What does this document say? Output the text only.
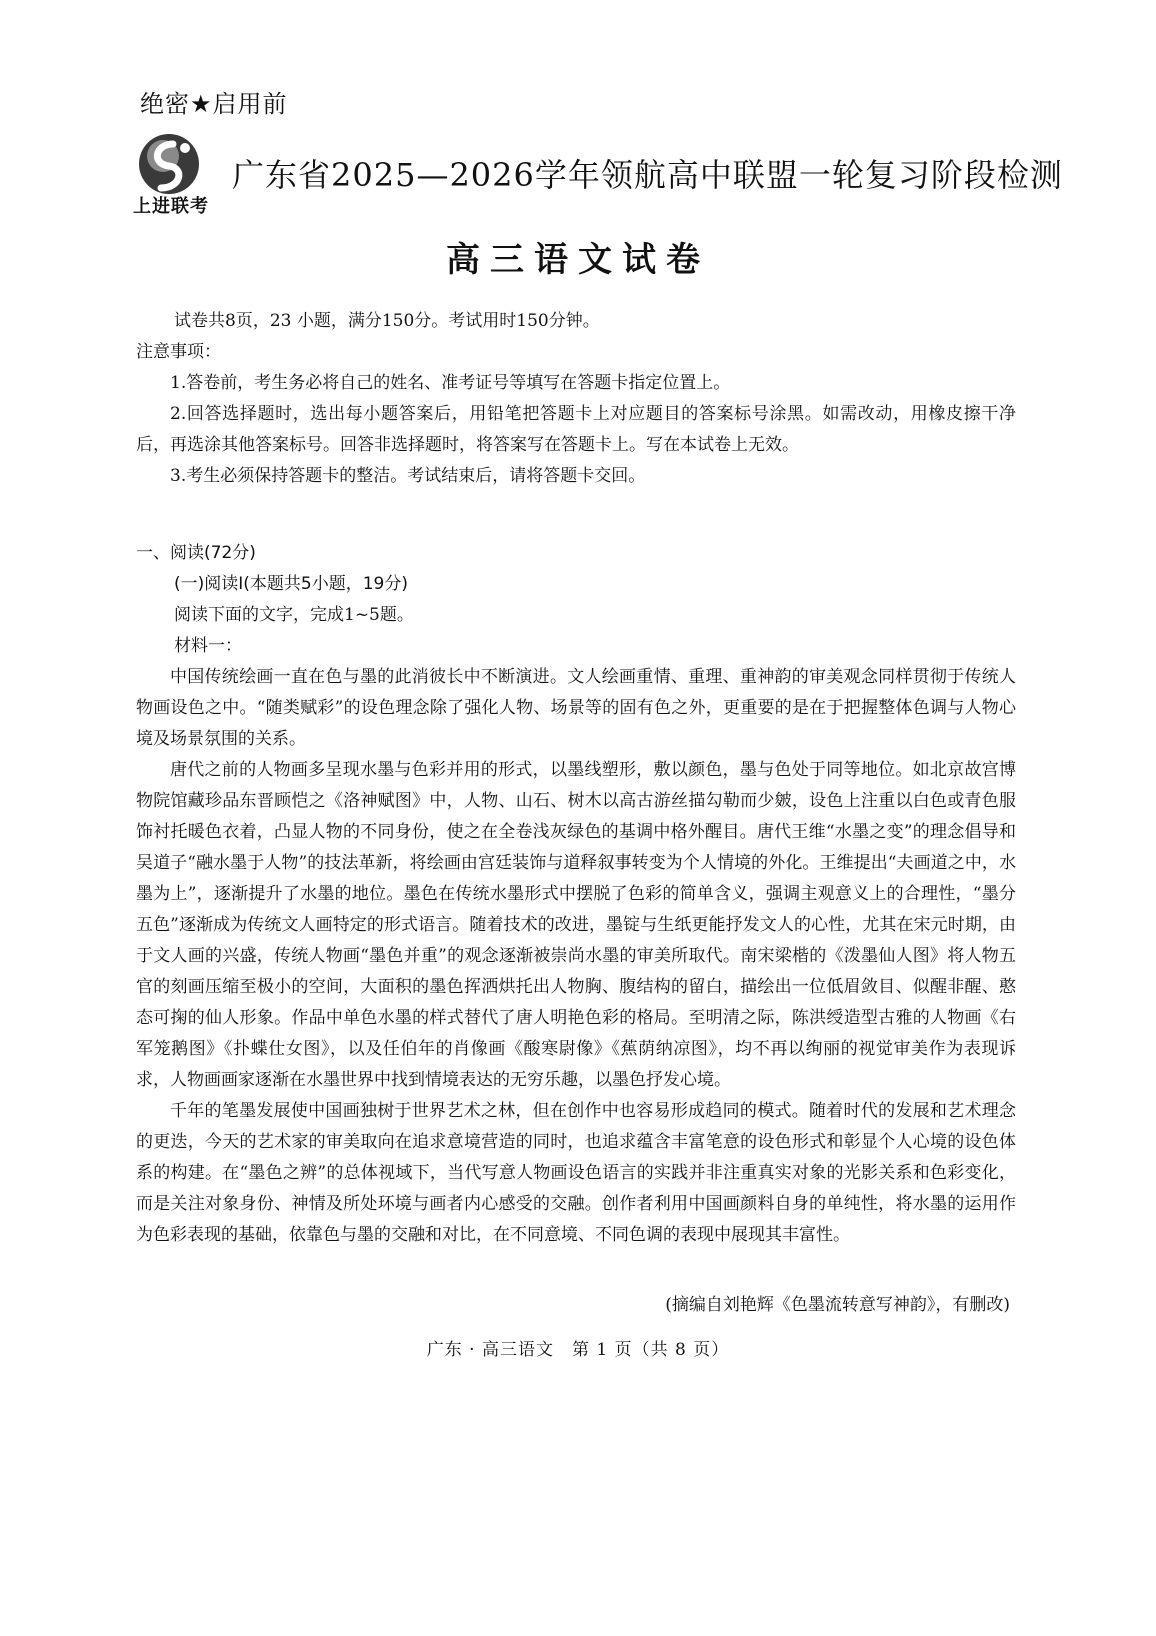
绝密★启用前
上进联考
广东省2025—2026学年领航高中联盟一轮复习阶段检测
高三语文试卷

试卷共8页，23 小题，满分150分。考试用时150分钟。

注意事项：

1.答卷前，考生务必将自己的姓名、准考证号等填写在答题卡指定位置上。

2.回答选择题时，选出每小题答案后，用铅笔把答题卡上对应题目的答案标号涂黑。如需改动，用橡皮擦干净后，再选涂其他答案标号。回答非选择题时，将答案写在答题卡上。写在本试卷上无效。

3.考生必须保持答题卡的整洁。考试结束后，请将答题卡交回。

一、阅读(72分)

(一)阅读Ⅰ(本题共5小题，19分)

阅读下面的文字，完成1~5题。

材料一：

中国传统绘画一直在色与墨的此消彼长中不断演进。文人绘画重情、重理、重神韵的审美观念同样贯彻于传统人物画设色之中。“随类赋彩”的设色理念除了强化人物、场景等的固有色之外，更重要的是在于把握整体色调与人物心境及场景氛围的关系。

唐代之前的人物画多呈现水墨与色彩并用的形式，以墨线塑形，敷以颜色，墨与色处于同等地位。如北京故宫博物院馆藏珍品东晋顾恺之《洛神赋图》中，人物、山石、树木以高古游丝描勾勒而少皴，设色上注重以白色或青色服饰衬托暖色衣着，凸显人物的不同身份，使之在全卷浅灰绿色的基调中格外醒目。唐代王维“水墨之变”的理念倡导和吴道子“融水墨于人物”的技法革新，将绘画由宫廷装饰与道释叙事转变为个人情境的外化。王维提出“夫画道之中，水墨为上”，逐渐提升了水墨的地位。墨色在传统水墨形式中摆脱了色彩的简单含义，强调主观意义上的合理性，“墨分五色”逐渐成为传统文人画特定的形式语言。随着技术的改进，墨锭与生纸更能抒发文人的心性，尤其在宋元时期，由于文人画的兴盛，传统人物画“墨色并重”的观念逐渐被崇尚水墨的审美所取代。南宋梁楷的《泼墨仙人图》将人物五官的刻画压缩至极小的空间，大面积的墨色挥洒烘托出人物胸、腹结构的留白，描绘出一位低眉敛目、似醒非醒、憨态可掬的仙人形象。作品中单色水墨的样式替代了唐人明艳色彩的格局。至明清之际，陈洪绶造型古雅的人物画《右军笼鹅图》《扑蝶仕女图》，以及任伯年的肖像画《酸寒尉像》《蕉荫纳凉图》，均不再以绚丽的视觉审美作为表现诉求，人物画画家逐渐在水墨世界中找到情境表达的无穷乐趣，以墨色抒发心境。

千年的笔墨发展使中国画独树于世界艺术之林，但在创作中也容易形成趋同的模式。随着时代的发展和艺术理念的更迭，今天的艺术家的审美取向在追求意境营造的同时，也追求蕴含丰富笔意的设色形式和彰显个人心境的设色体系的构建。在“墨色之辨”的总体视域下，当代写意人物画设色语言的实践并非注重真实对象的光影关系和色彩变化，而是关注对象身份、神情及所处环境与画者内心感受的交融。创作者利用中国画颜料自身的单纯性，将水墨的运用作为色彩表现的基础，依靠色与墨的交融和对比，在不同意境、不同色调的表现中展现其丰富性。

(摘编自刘艳辉《色墨流转意写神韵》，有删改)
广东 · 高三语文　第 1 页（共 8 页）
